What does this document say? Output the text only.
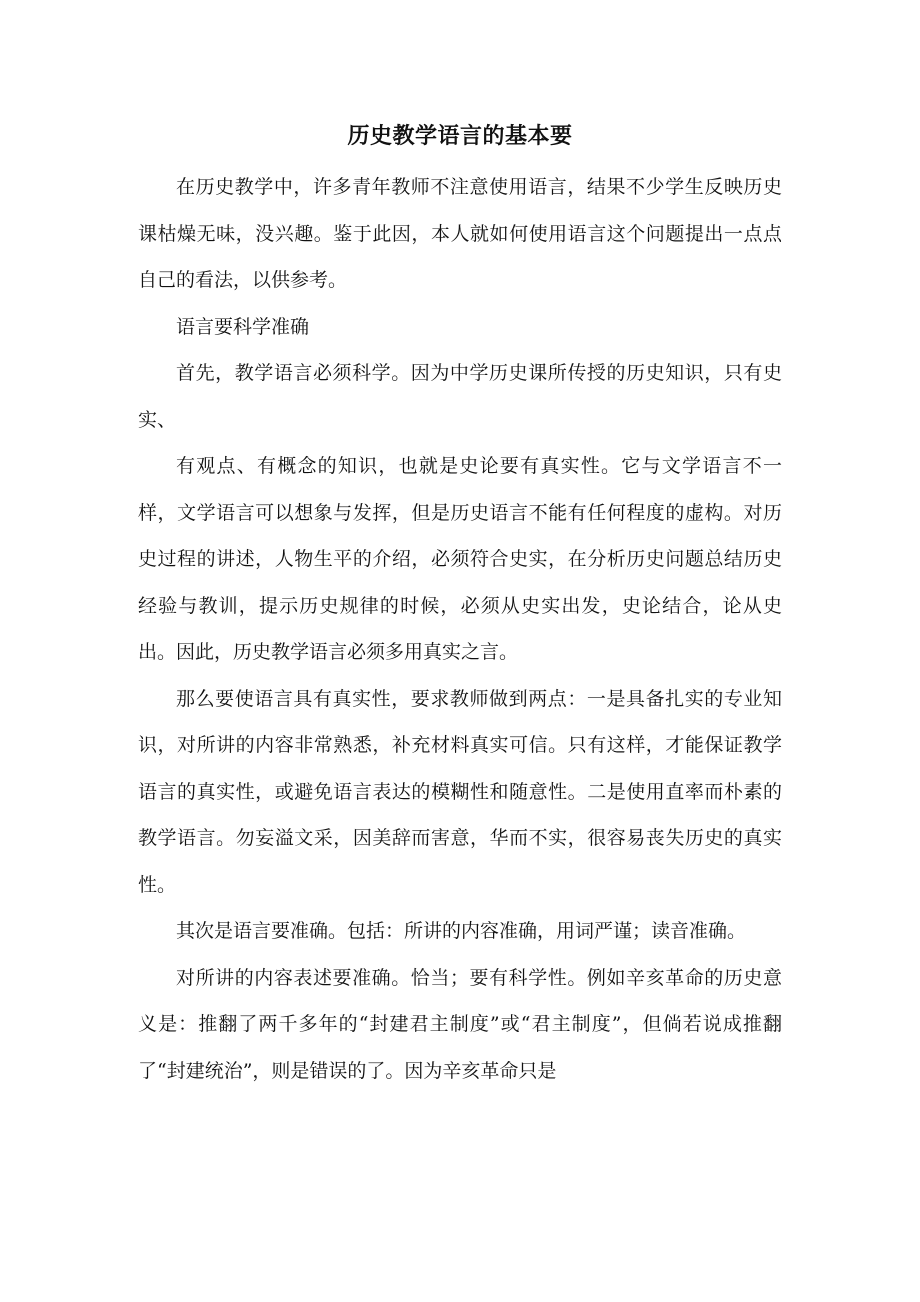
历史教学语言的基本要

在历史教学中，许多青年教师不注意使用语言，结果不少学生反映历史课枯燥无味，没兴趣。鉴于此因，本人就如何使用语言这个问题提出一点点自己的看法，以供参考。

语言要科学准确

首先，教学语言必须科学。因为中学历史课所传授的历史知识，只有史实、

有观点、有概念的知识，也就是史论要有真实性。它与文学语言不一样，文学语言可以想象与发挥，但是历史语言不能有任何程度的虚构。对历史过程的讲述，人物生平的介绍，必须符合史实，在分析历史问题总结历史经验与教训，提示历史规律的时候，必须从史实出发，史论结合，论从史出。因此，历史教学语言必须多用真实之言。

那么要使语言具有真实性，要求教师做到两点：一是具备扎实的专业知识，对所讲的内容非常熟悉，补充材料真实可信。只有这样，才能保证教学语言的真实性，或避免语言表达的模糊性和随意性。二是使用直率而朴素的教学语言。勿妄溢文采，因美辞而害意，华而不实，很容易丧失历史的真实性。

其次是语言要准确。包括：所讲的内容准确，用词严谨；读音准确。

对所讲的内容表述要准确。恰当；要有科学性。例如辛亥革命的历史意义是：推翻了两千多年的“封建君主制度”或“君主制度”，但倘若说成推翻了“封建统治”，则是错误的了。因为辛亥革命只是
